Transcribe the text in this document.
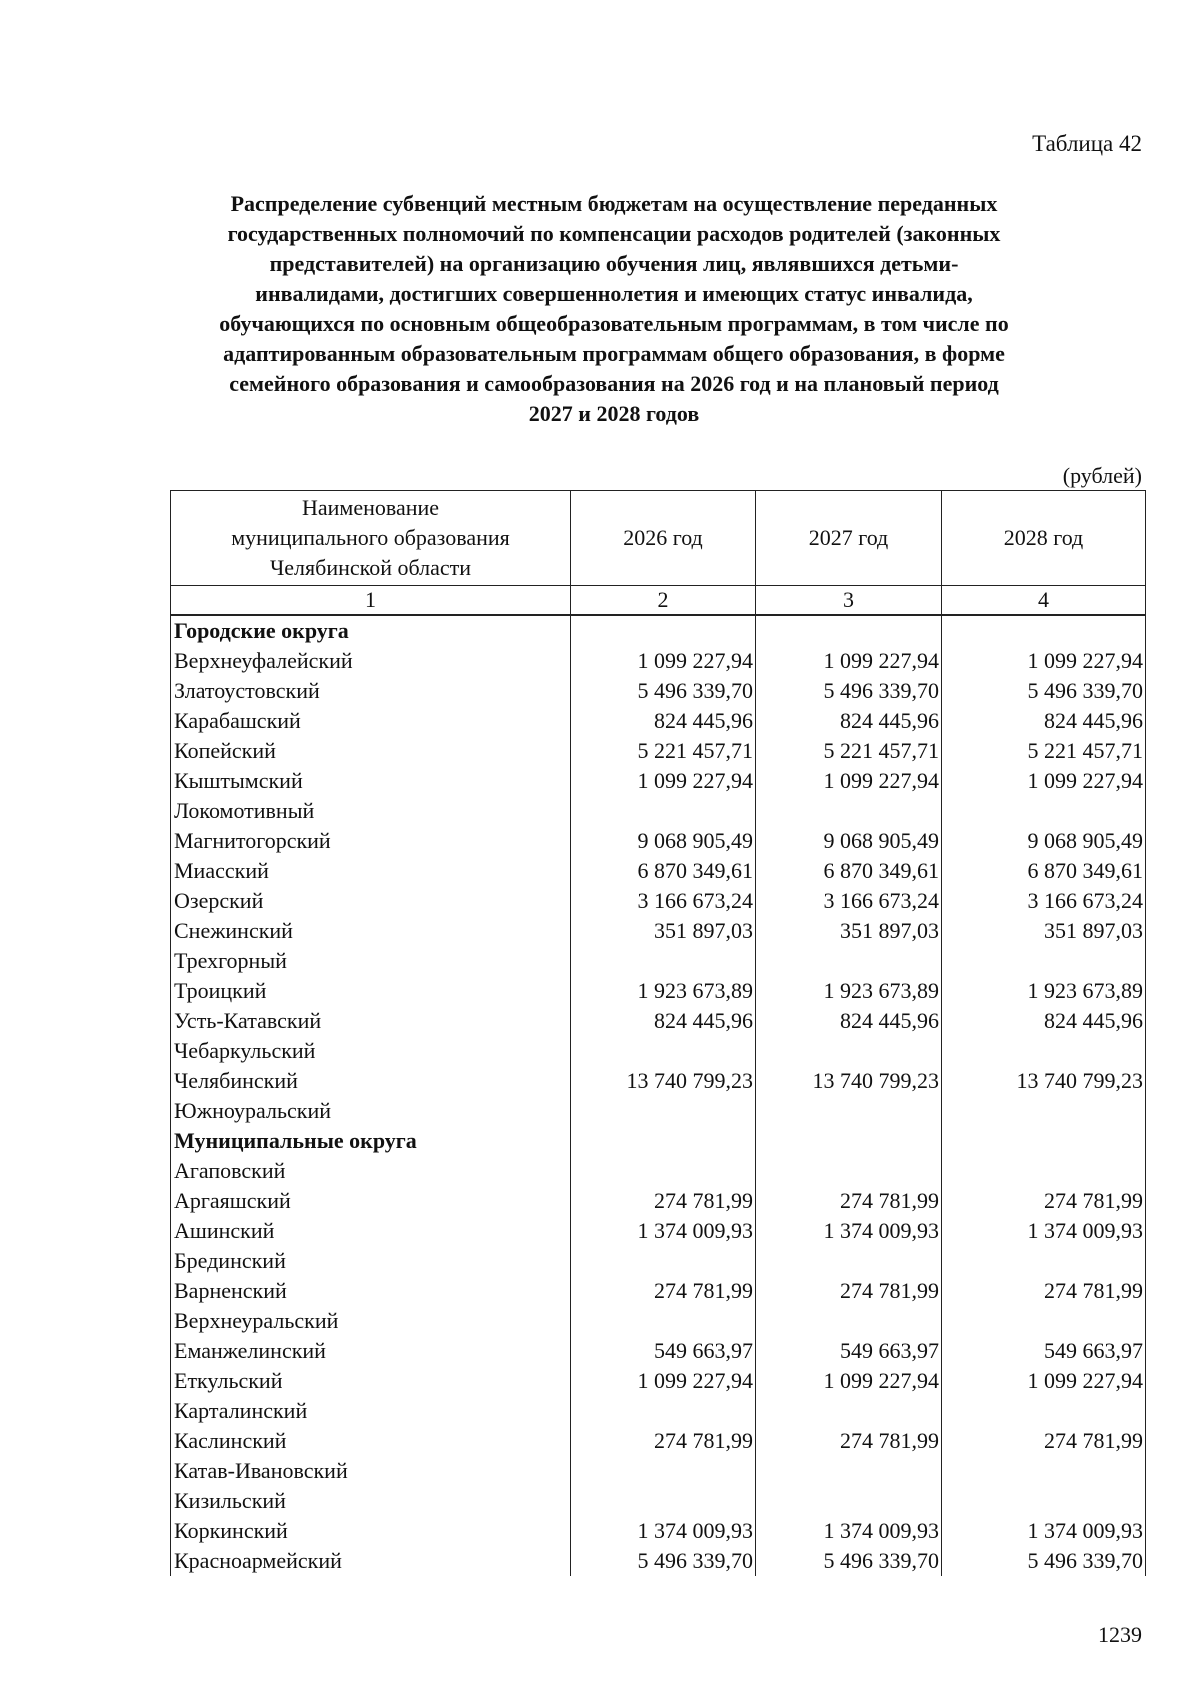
Таблица 42
Распределение субвенций местным бюджетам на осуществление переданных
государственных полномочий по компенсации расходов родителей (законных
представителей) на организацию обучения лиц, являвшихся детьми-
инвалидами, достигших совершеннолетия и имеющих статус инвалида,
обучающихся по основным общеобразовательным программам, в том числе по
адаптированным образовательным программам общего образования, в форме
семейного образования и самообразования на 2026 год и на плановый период
2027 и 2028 годов
(рублей)
Наименование
муниципального образования
Челябинской области	2026 год	2027 год	2028 год
1	2	3	4
Городские округа			
Верхнеуфалейский	1 099 227,94	1 099 227,94	1 099 227,94
Златоустовский	5 496 339,70	5 496 339,70	5 496 339,70
Карабашский	824 445,96	824 445,96	824 445,96
Копейский	5 221 457,71	5 221 457,71	5 221 457,71
Кыштымский	1 099 227,94	1 099 227,94	1 099 227,94
Локомотивный			
Магнитогорский	9 068 905,49	9 068 905,49	9 068 905,49
Миасский	6 870 349,61	6 870 349,61	6 870 349,61
Озерский	3 166 673,24	3 166 673,24	3 166 673,24
Снежинский	351 897,03	351 897,03	351 897,03
Трехгорный			
Троицкий	1 923 673,89	1 923 673,89	1 923 673,89
Усть-Катавский	824 445,96	824 445,96	824 445,96
Чебаркульский			
Челябинский	13 740 799,23	13 740 799,23	13 740 799,23
Южноуральский			
Муниципальные округа			
Агаповский			
Аргаяшский	274 781,99	274 781,99	274 781,99
Ашинский	1 374 009,93	1 374 009,93	1 374 009,93
Брединский			
Варненский	274 781,99	274 781,99	274 781,99
Верхнеуральский			
Еманжелинский	549 663,97	549 663,97	549 663,97
Еткульский	1 099 227,94	1 099 227,94	1 099 227,94
Карталинский			
Каслинский	274 781,99	274 781,99	274 781,99
Катав-Ивановский			
Кизильский			
Коркинский	1 374 009,93	1 374 009,93	1 374 009,93
Красноармейский	5 496 339,70	5 496 339,70	5 496 339,70
1239
